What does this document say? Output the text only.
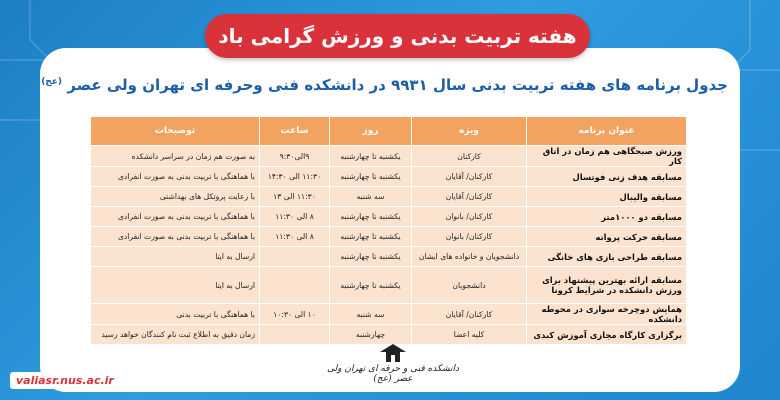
هفته تربیت بدنی و ورزش گرامی باد
جدول برنامه های هفته تربیت بدنی سال ۹۹۳۱ در دانشکده فنی وحرفه ای تهران ولی عصر $^{(عج)}$
عنوان برنامه	ویژه	روز	ساعت	توضیحات
ورزش صبحگاهی هم زمان در اتاق کار	کارکنان	یکشنبه تا چهارشنبه	۹الی۹:۳۰	به صورت هم زمان در سراسر دانشکده
مسابقه هدف زنی فوتسال	کارکنان/ آقایان	یکشنبه تا چهارشنبه	۱۱:۳۰ الی ۱۴:۳۰	با هماهنگی با تربیت بدنی به صورت انفرادی
مسابقه والیبال	کارکنان/ آقایان	سه شنبه	۱۱:۳۰ الی ۱۳	با رعایت پروتکل های بهداشتی
مسابقه دو ۱۰۰۰متر	کارکنان/ بانوان	یکشنبه تا چهارشنبه	۸ الی ۱۱:۳۰	با هماهنگی با تربیت بدنی به صورت انفرادی
مسابقه حرکت پروانه	کارکنان/ بانوان	یکشنبه تا چهارشنبه	۸ الی ۱۱:۳۰	با هماهنگی با تربیت بدنی به صورت انفرادی
مسابقه طراحی بازی های خانگی	دانشجویان و خانواده های ایشان	یکشنبه تا چهارشنبه		ارسال به ایتا
مسابقه ارائه بهترین پیشنهاد برای ورزش دانشکده در شرایط کرونا	دانشجویان	یکشنبه تا چهارشنبه		ارسال به ایتا
همایش دوچرخه سواری در محوطه دانشکده	کارکنان/ آقایان	سه شنبه	۱۰ الی ۱۰:۳۰	با هماهنگی با تربیت بدنی
برگزاری کارگاه مجازی آموزش کبدی	کلیه اعضا	چهارشنبه		زمان دقیق به اطلاع ثبت نام کنندگان خواهد رسید
دانشکده فنی و حرفه ای تهران ولی عصر (عج)
valiasr.nus.ac.ir
